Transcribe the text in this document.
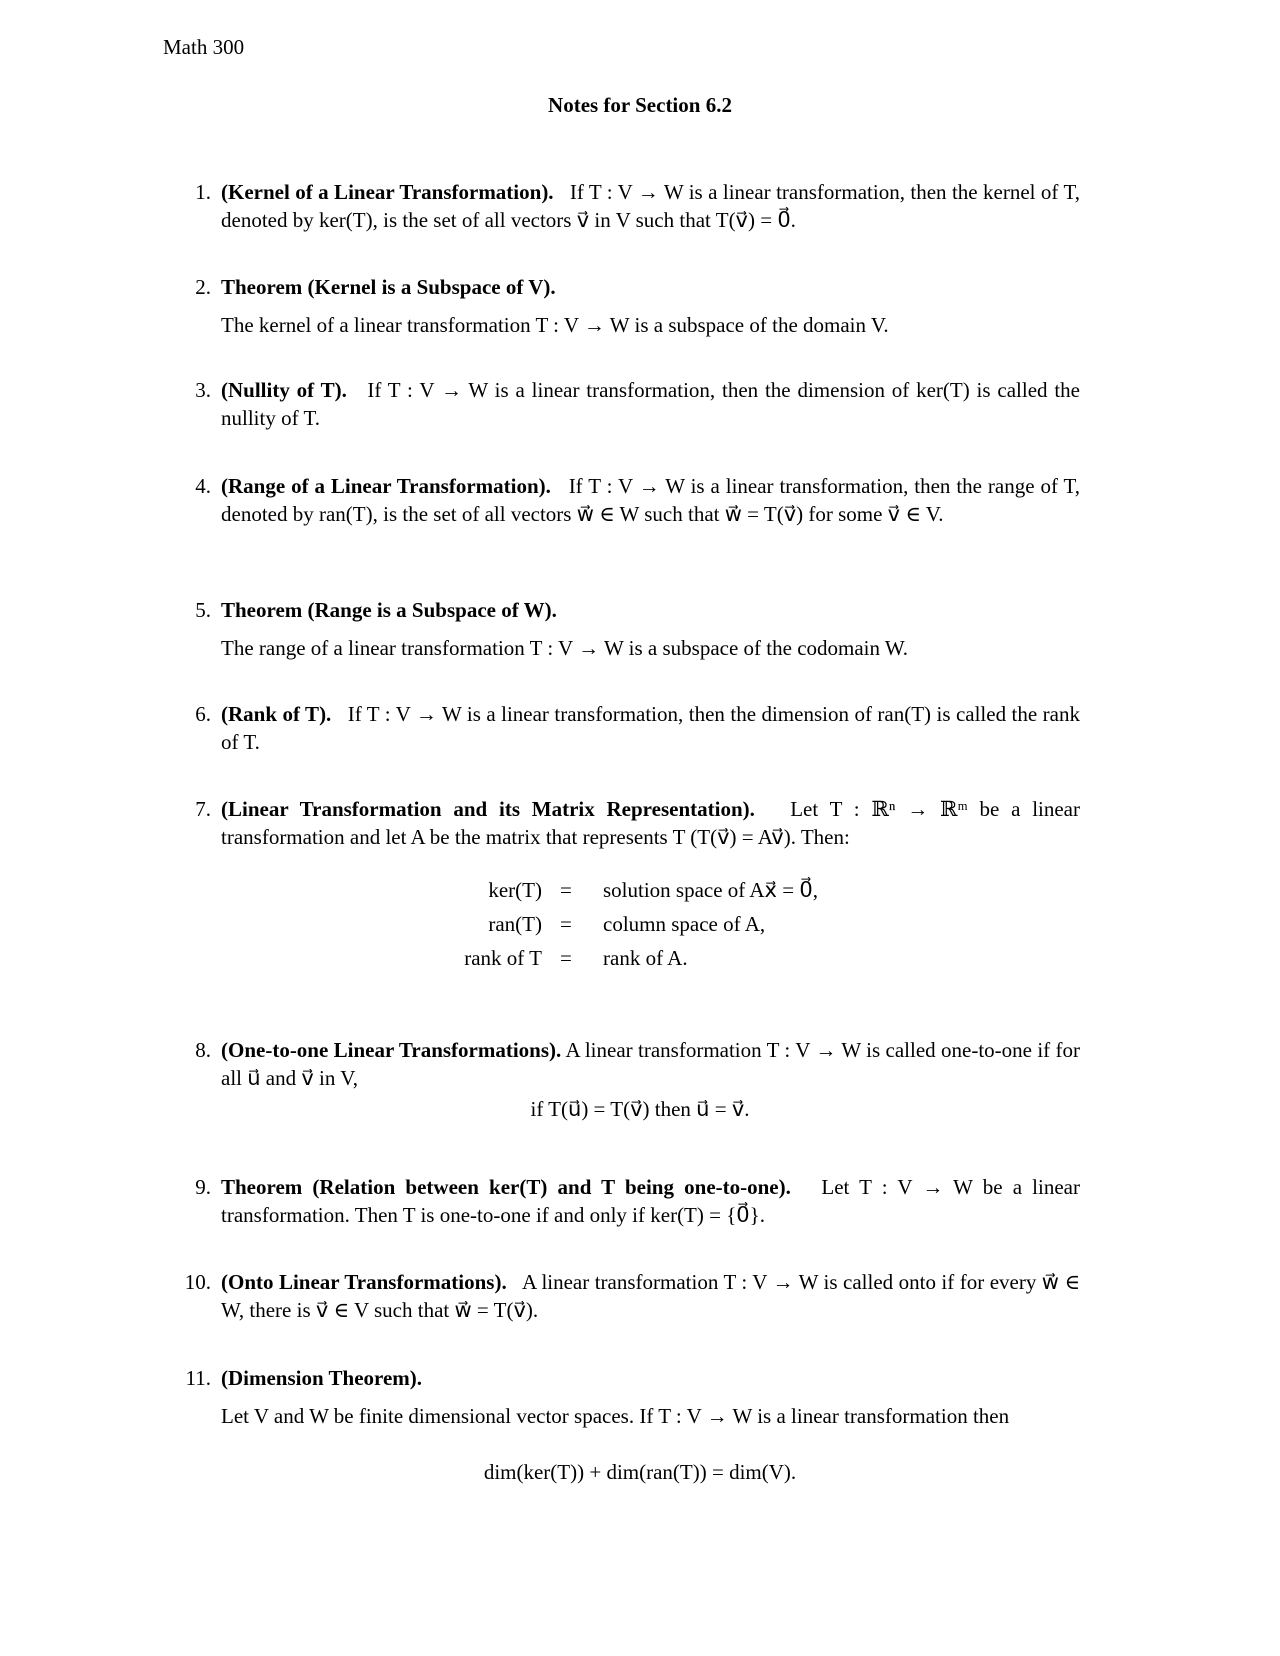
Math 300
Notes for Section 6.2
1. (Kernel of a Linear Transformation). If T : V → W is a linear transformation, then the kernel of T, denoted by ker(T), is the set of all vectors v⃗ in V such that T(v⃗) = 0⃗.

2. Theorem (Kernel is a Subspace of V).

The kernel of a linear transformation T : V → W is a subspace of the domain V.

3. (Nullity of T). If T : V → W is a linear transformation, then the dimension of ker(T) is called the nullity of T.

4. (Range of a Linear Transformation). If T : V → W is a linear transformation, then the range of T, denoted by ran(T), is the set of all vectors w⃗ ∈ W such that w⃗ = T(v⃗) for some v⃗ ∈ V.

5. Theorem (Range is a Subspace of W).

The range of a linear transformation T : V → W is a subspace of the codomain W.

6. (Rank of T). If T : V → W is a linear transformation, then the dimension of ran(T) is called the rank of T.

7. (Linear Transformation and its Matrix Representation). Let T : ℝⁿ → ℝᵐ be a linear transformation and let A be the matrix that represents T (T(v⃗) = Av⃗). Then:

ker(T) = solution space of Ax⃗ = 0⃗,
ran(T) = column space of A,
rank of T = rank of A.
8. (One-to-one Linear Transformations). A linear transformation T : V → W is called one-to-one if for all u⃗ and v⃗ in V,

if T(u⃗) = T(v⃗) then u⃗ = v⃗.
9. Theorem (Relation between ker(T) and T being one-to-one). Let T : V → W be a linear transformation. Then T is one-to-one if and only if ker(T) = {0⃗}.

10. (Onto Linear Transformations). A linear transformation T : V → W is called onto if for every w⃗ ∈ W, there is v⃗ ∈ V such that w⃗ = T(v⃗).

11. (Dimension Theorem).

Let V and W be finite dimensional vector spaces. If T : V → W is a linear transformation then

dim(ker(T)) + dim(ran(T)) = dim(V).
